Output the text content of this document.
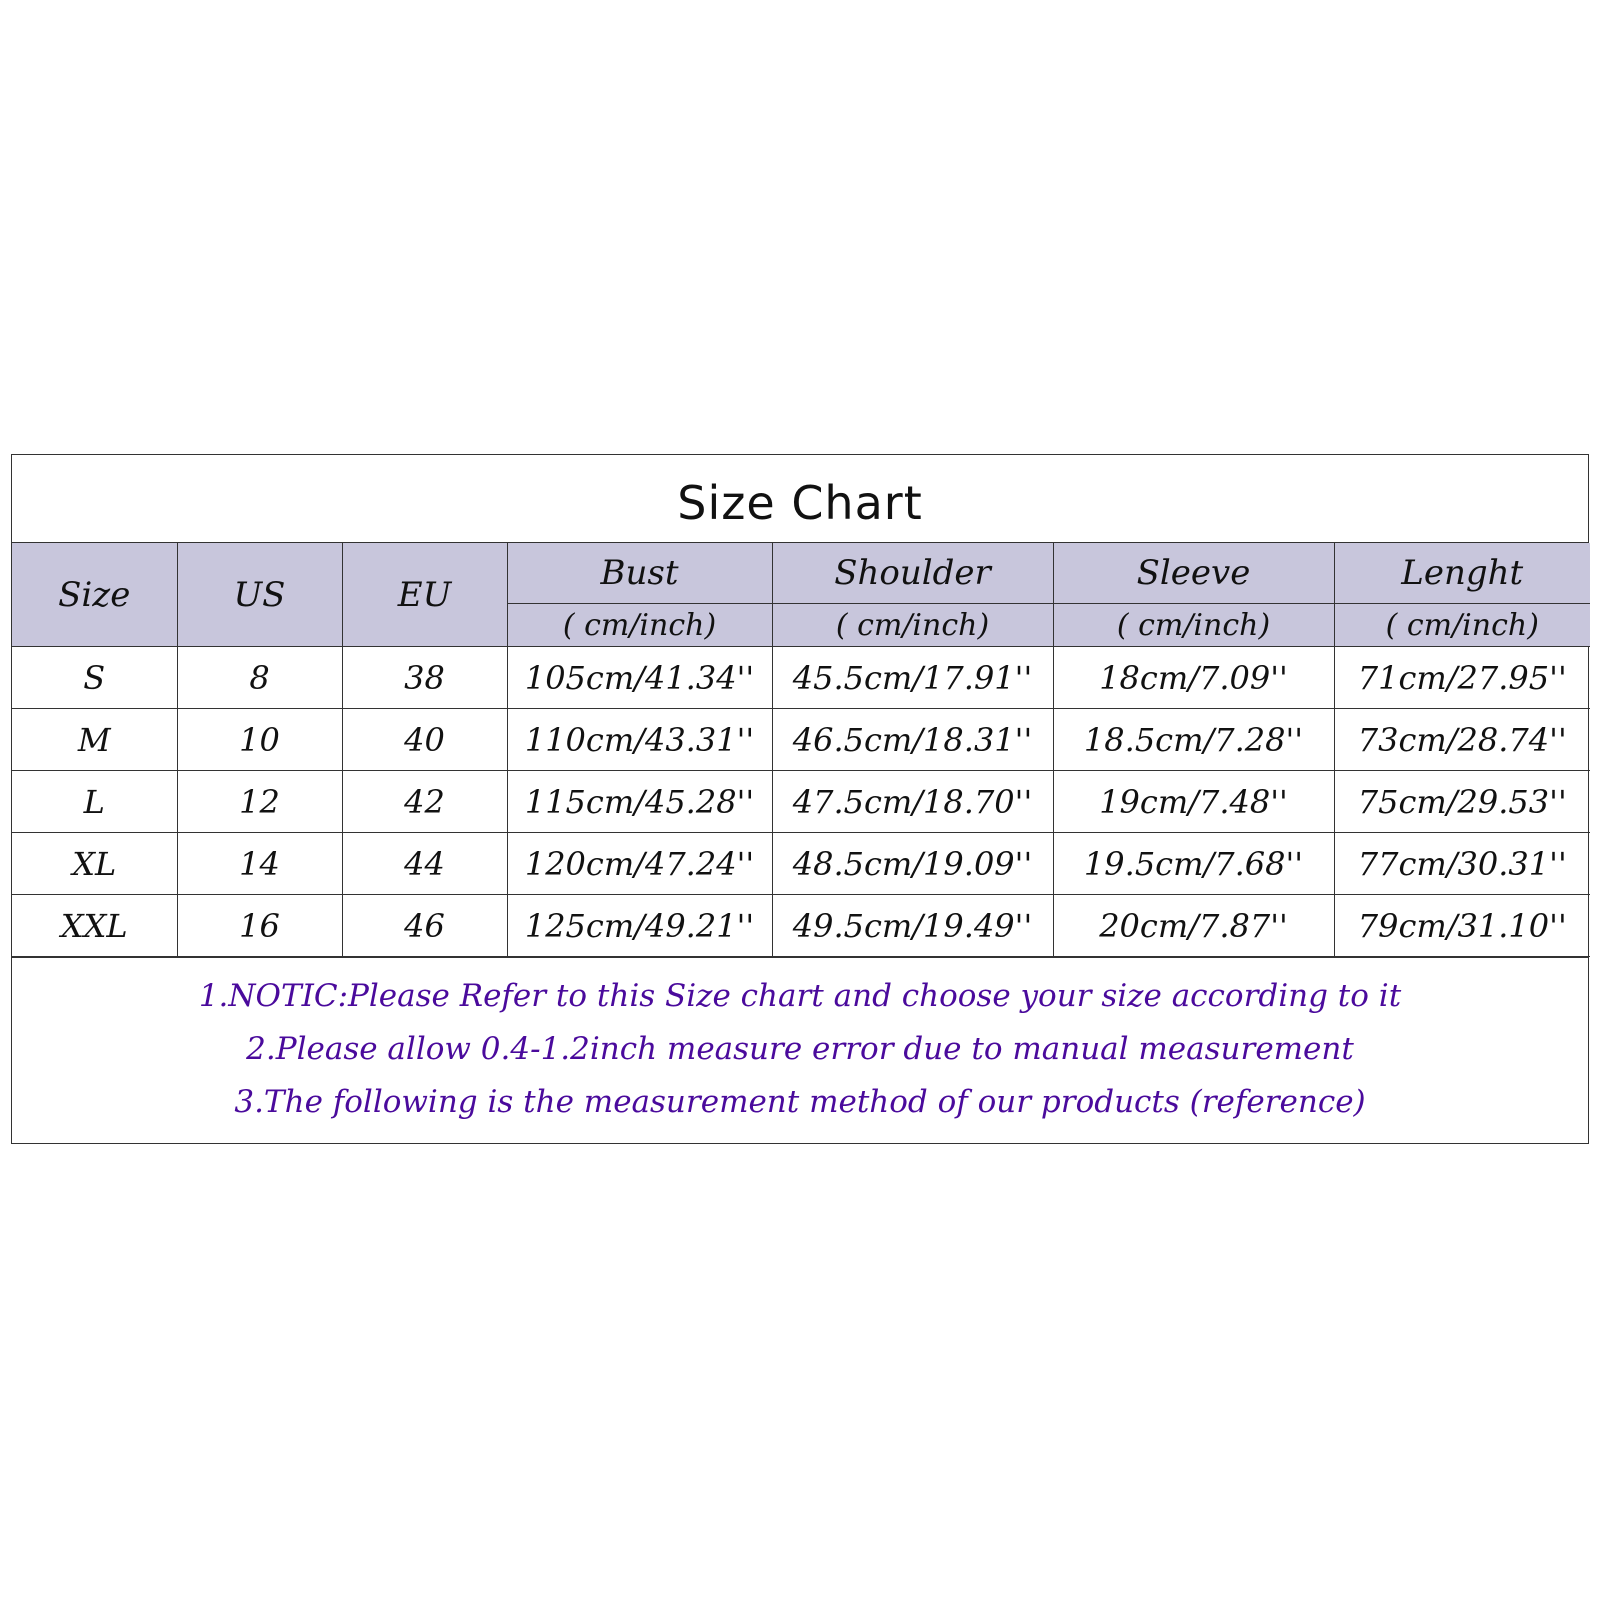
Size Chart
Size	US	EU	Bust	Shoulder	Sleeve	Lenght
			( cm/inch)	( cm/inch)	( cm/inch)	( cm/inch)
S	8	38	105cm/41.34''	45.5cm/17.91''	18cm/7.09''	71cm/27.95''
M	10	40	110cm/43.31''	46.5cm/18.31''	18.5cm/7.28''	73cm/28.74''
L	12	42	115cm/45.28''	47.5cm/18.70''	19cm/7.48''	75cm/29.53''
XL	14	44	120cm/47.24''	48.5cm/19.09''	19.5cm/7.68''	77cm/30.31''
XXL	16	46	125cm/49.21''	49.5cm/19.49''	20cm/7.87''	79cm/31.10''
1.NOTIC:Please Refer to this Size chart and choose your size according to it
2.Please allow 0.4-1.2inch measure error due to manual measurement
3.The following is the measurement method of our products (reference)
